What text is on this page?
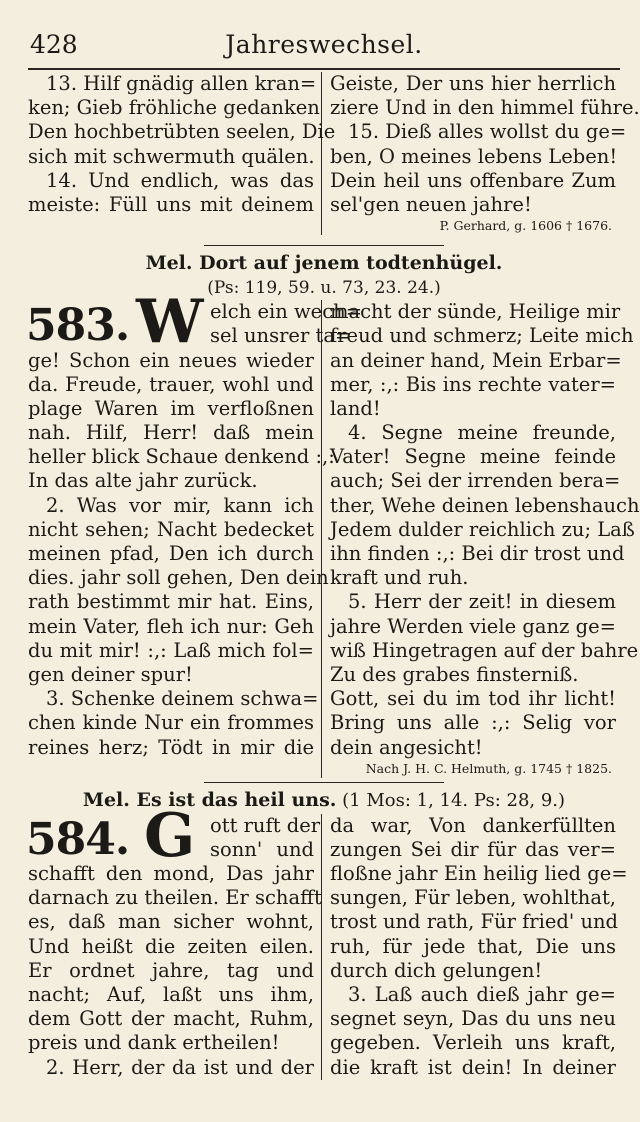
428	Jahreswechsel.
13. Hilf gnädig allen kran=
ken; Gieb fröhliche gedanken
Den hochbetrübten seelen, Die
sich mit schwermuth quälen.
14. Und endlich, was das
meiste: Füll uns mit deinem
Geiste, Der uns hier herrlich
ziere Und in den himmel führe.
15. Dieß alles wollst du ge=
ben, O meines lebens Leben!
Dein heil uns offenbare Zum
sel'gen neuen jahre!
P. Gerhard, g. 1606 † 1676.
Mel. Dort auf jenem todtenhügel.
(Ps: 119, 59. u. 73, 23. 24.)
583. W elch ein wech=
sel unsrer ta=
ge! Schon ein neues wieder
da. Freude, trauer, wohl und
plage Waren im verfloßnen
nah. Hilf, Herr! daß mein
heller blick Schaue denkend :,:
In das alte jahr zurück.
2. Was vor mir, kann ich
nicht sehen; Nacht bedecket
meinen pfad, Den ich durch
dies. jahr soll gehen, Den dein
rath bestimmt mir hat. Eins,
mein Vater, fleh ich nur: Geh
du mit mir! :,: Laß mich fol=
gen deiner spur!
3. Schenke deinem schwa=
chen kinde Nur ein frommes
reines herz; Tödt in mir die
macht der sünde, Heilige mir
freud und schmerz; Leite mich
an deiner hand, Mein Erbar=
mer, :,: Bis ins rechte vater=
land!
4. Segne meine freunde,
Vater! Segne meine feinde
auch; Sei der irrenden bera=
ther, Wehe deinen lebenshauch
Jedem dulder reichlich zu; Laß
ihn finden :,: Bei dir trost und
kraft und ruh.
5. Herr der zeit! in diesem
jahre Werden viele ganz ge=
wiß Hingetragen auf der bahre
Zu des grabes finsterniß.
Gott, sei du im tod ihr licht!
Bring uns alle :,: Selig vor
dein angesicht!
Nach J. H. C. Helmuth, g. 1745 † 1825.
Mel. Es ist das heil uns. (1 Mos: 1, 14. Ps: 28, 9.)
584. G ott ruft der
sonn' und
schafft den mond, Das jahr
darnach zu theilen. Er schafft
es, daß man sicher wohnt,
Und heißt die zeiten eilen.
Er ordnet jahre, tag und
nacht; Auf, laßt uns ihm,
dem Gott der macht, Ruhm,
preis und dank ertheilen!
2. Herr, der da ist und der
da war, Von dankerfüllten
zungen Sei dir für das ver=
floßne jahr Ein heilig lied ge=
sungen, Für leben, wohlthat,
trost und rath, Für fried' und
ruh, für jede that, Die uns
durch dich gelungen!
3. Laß auch dieß jahr ge=
segnet seyn, Das du uns neu
gegeben. Verleih uns kraft,
die kraft ist dein! In deiner
